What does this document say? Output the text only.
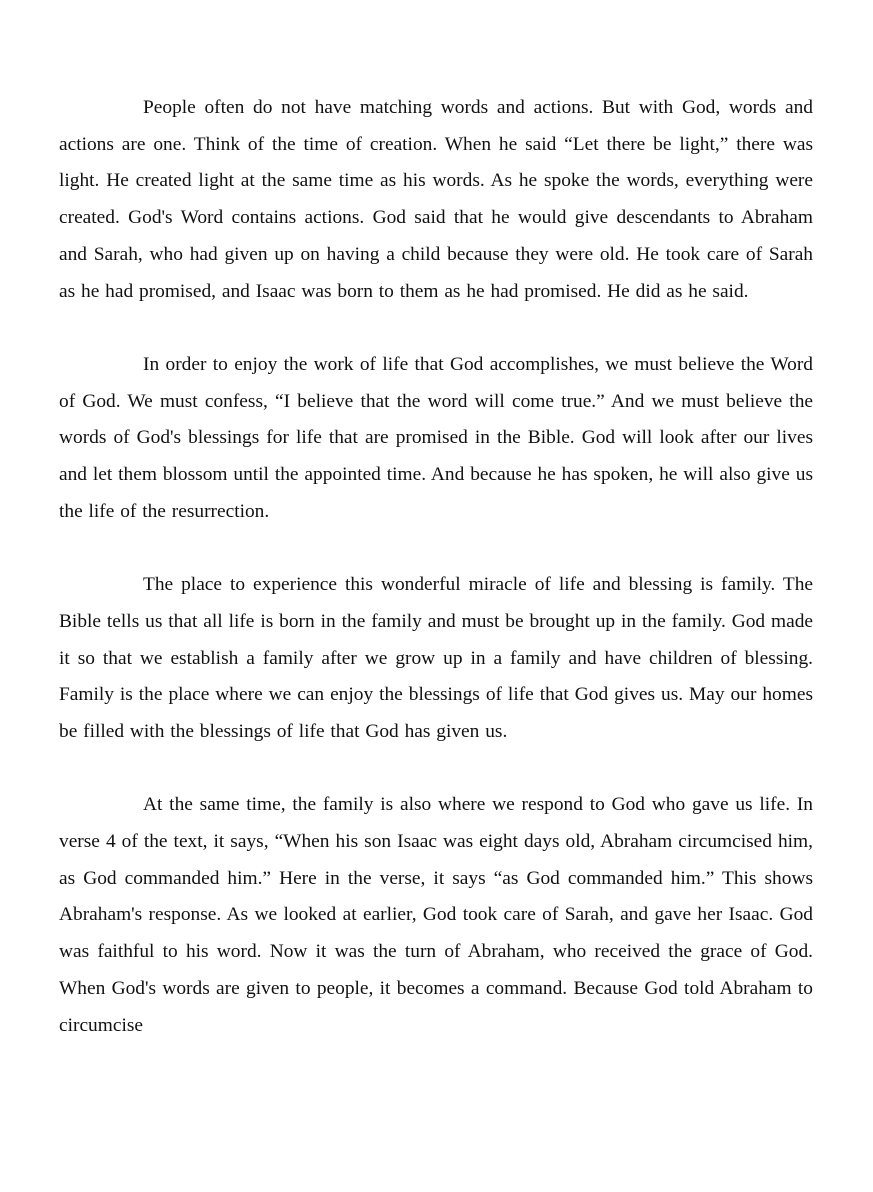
People often do not have matching words and actions. But with God, words and actions are one. Think of the time of creation. When he said “Let there be light,” there was light. He created light at the same time as his words. As he spoke the words, everything were created. God's Word contains actions. God said that he would give descendants to Abraham and Sarah, who had given up on having a child because they were old. He took care of Sarah as he had promised, and Isaac was born to them as he had promised. He did as he said.

In order to enjoy the work of life that God accomplishes, we must believe the Word of God. We must confess, “I believe that the word will come true.” And we must believe the words of God's blessings for life that are promised in the Bible. God will look after our lives and let them blossom until the appointed time. And because he has spoken, he will also give us the life of the resurrection.

The place to experience this wonderful miracle of life and blessing is family. The Bible tells us that all life is born in the family and must be brought up in the family. God made it so that we establish a family after we grow up in a family and have children of blessing. Family is the place where we can enjoy the blessings of life that God gives us. May our homes be filled with the blessings of life that God has given us.

At the same time, the family is also where we respond to God who gave us life. In verse 4 of the text, it says, “When his son Isaac was eight days old, Abraham circumcised him, as God commanded him.” Here in the verse, it says “as God commanded him.” This shows Abraham's response. As we looked at earlier, God took care of Sarah, and gave her Isaac. God was faithful to his word. Now it was the turn of Abraham, who received the grace of God. When God's words are given to people, it becomes a command. Because God told Abraham to circumcise
